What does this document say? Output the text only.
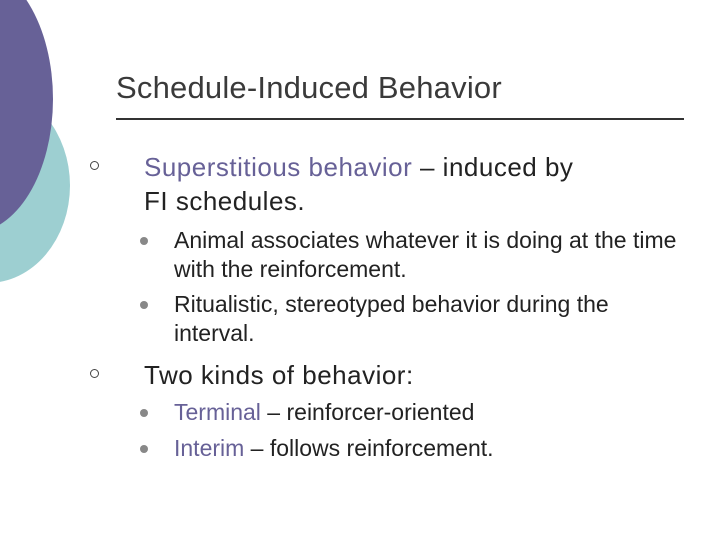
Schedule-Induced Behavior
Superstitious behavior – induced by
FI schedules.
Animal associates whatever it is doing at the time with the reinforcement.
Ritualistic, stereotyped behavior during the interval.
Two kinds of behavior:
Terminal – reinforcer-oriented
Interim – follows reinforcement.
